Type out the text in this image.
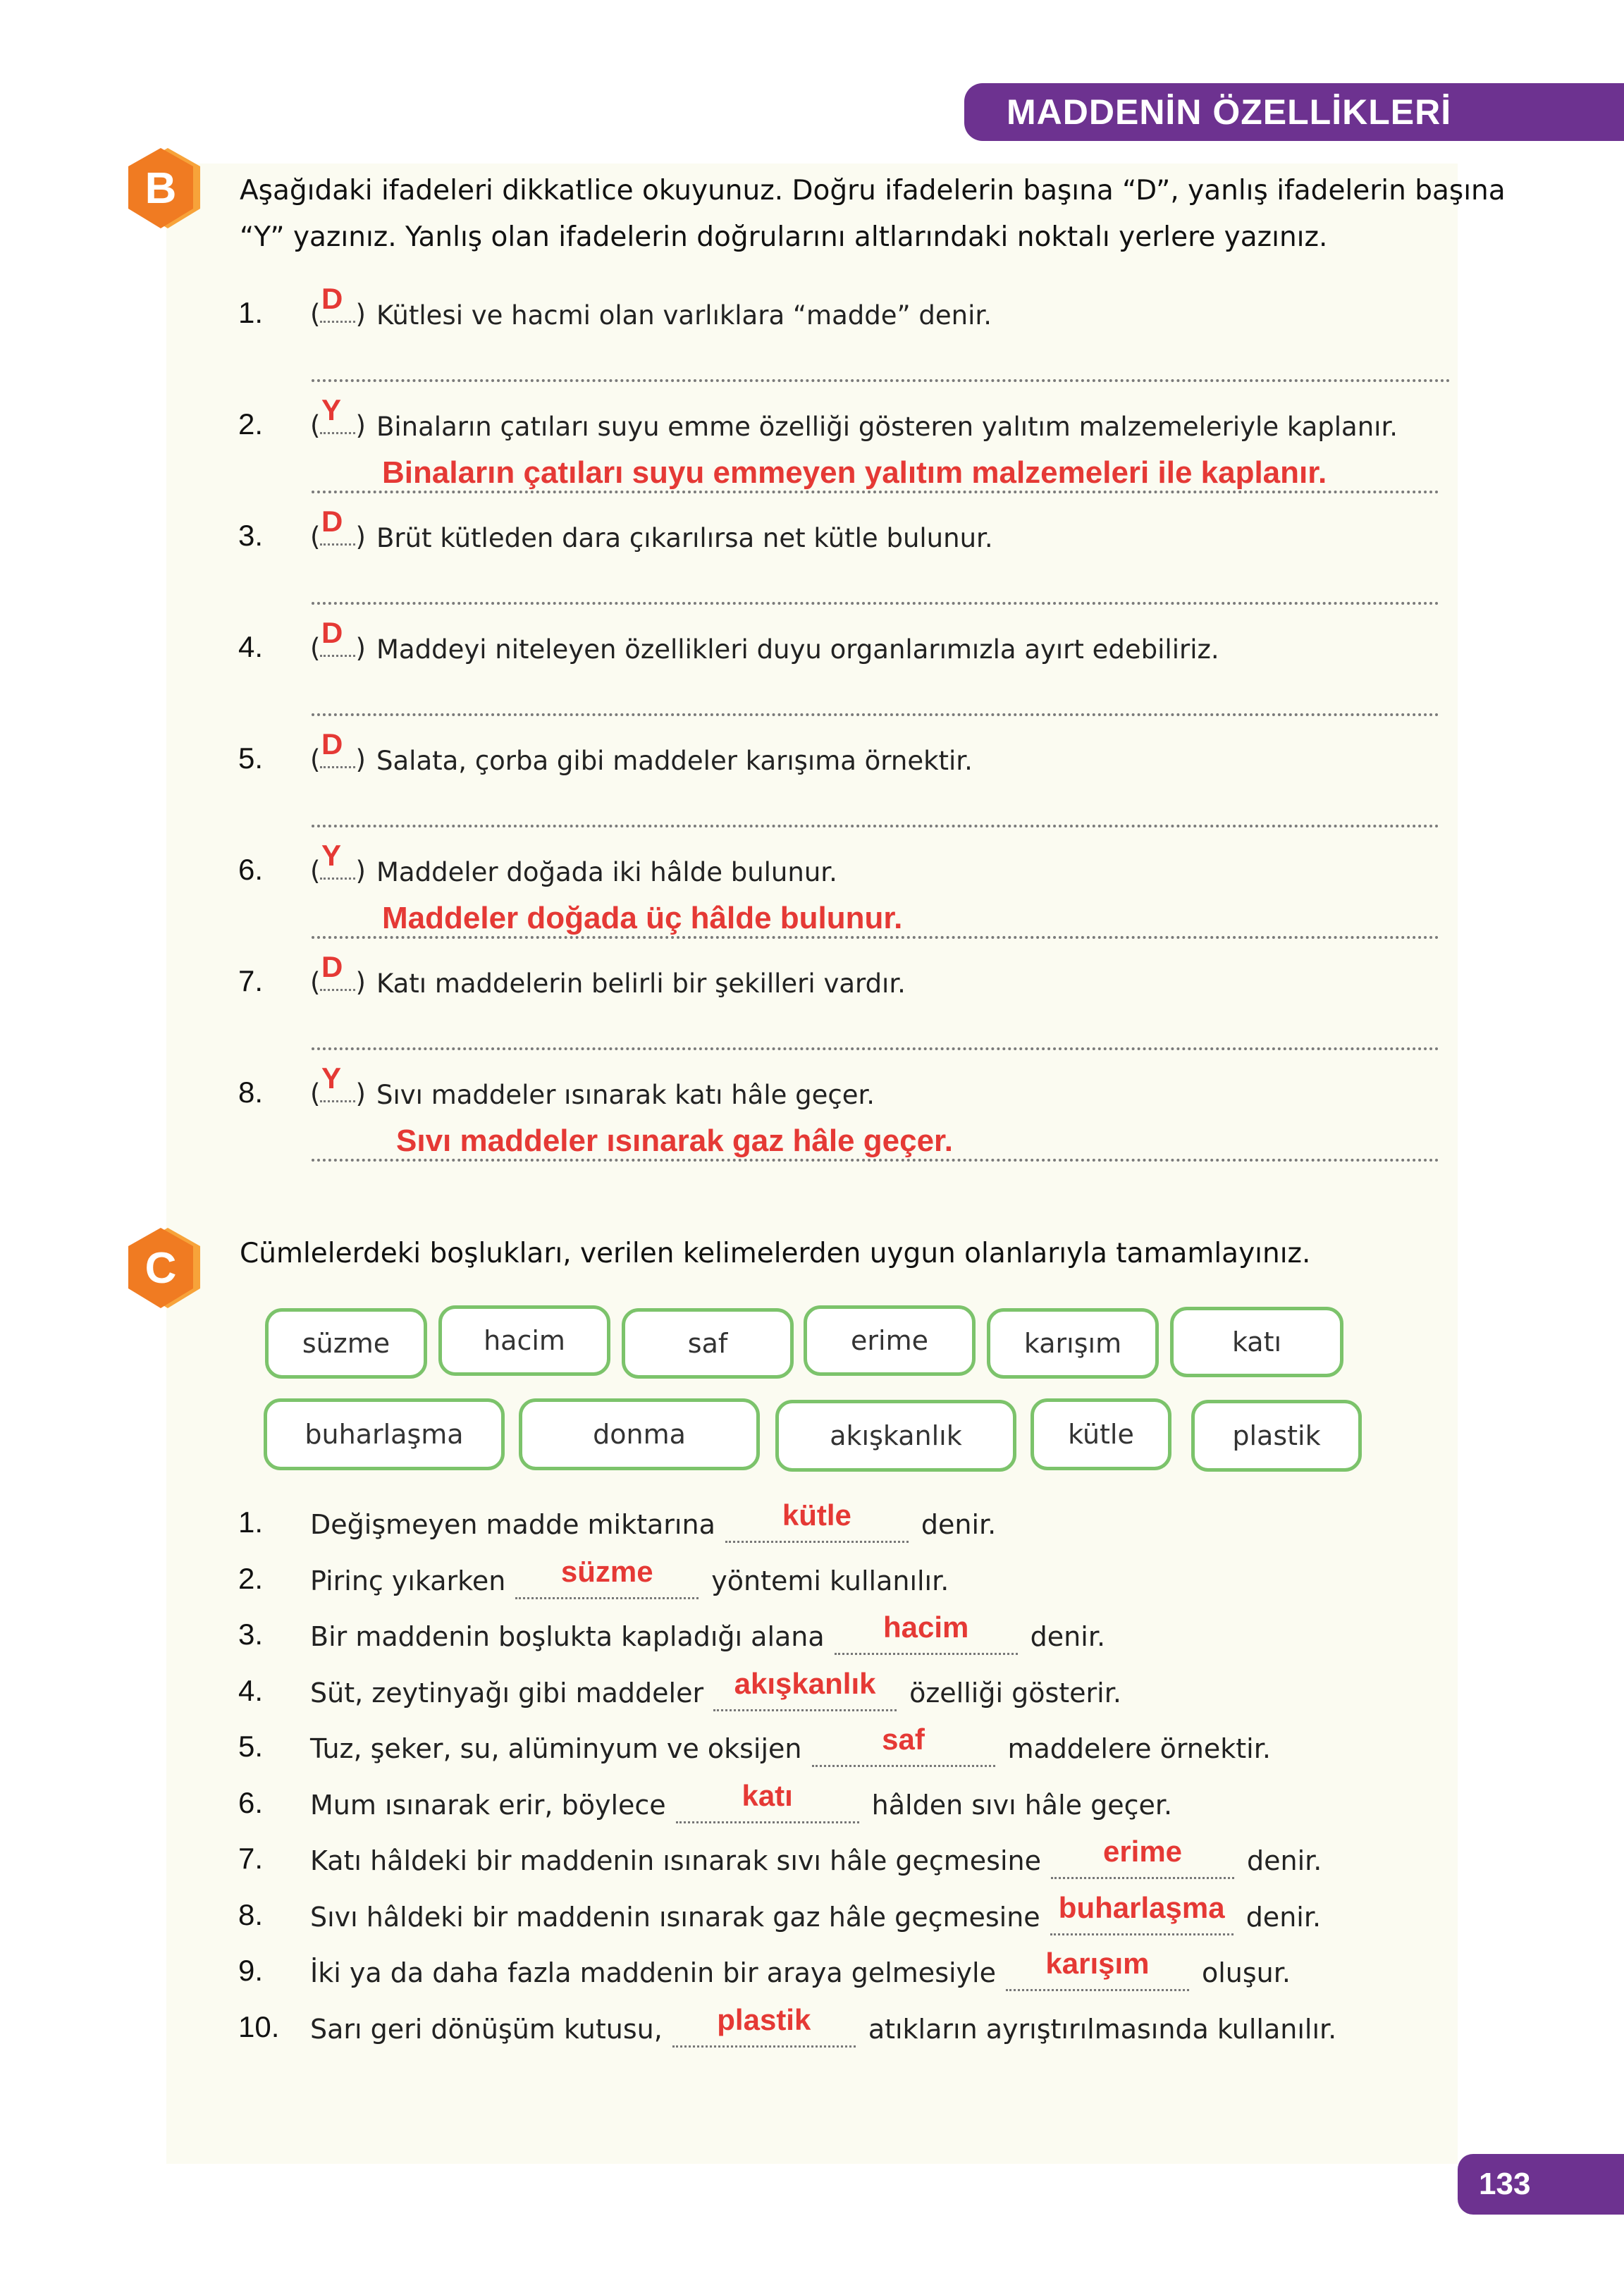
MADDENİN ÖZELLİKLERİ
B Aşağıdaki ifadeleri dikkatlice okuyunuz. Doğru ifadelerin başına “D”, yanlış ifadelerin başına
“Y” yazınız. Yanlış olan ifadelerin doğrularını altlarındaki noktalı yerlere yazınız.
1. ( )
D
Kütlesi ve hacmi olan varlıklara “madde” denir.
2. ( )
Y
Binaların çatıları suyu emme özelliği gösteren yalıtım malzemeleriyle kaplanır.
Binaların çatıları suyu emmeyen yalıtım malzemeleri ile kaplanır.
3. ( )
D
Brüt kütleden dara çıkarılırsa net kütle bulunur.
4. ( )
D
Maddeyi niteleyen özellikleri duyu organlarımızla ayırt edebiliriz.
5. ( )
D
Salata, çorba gibi maddeler karışıma örnektir.
6. ( )
Y
Maddeler doğada iki hâlde bulunur.
Maddeler doğada üç hâlde bulunur.
7. ( )
D
Katı maddelerin belirli bir şekilleri vardır.
8. ( )
Y
Sıvı maddeler ısınarak katı hâle geçer.
Sıvı maddeler ısınarak gaz hâle geçer.
C Cümlelerdeki boşlukları, verilen kelimelerden uygun olanlarıyla tamamlayınız.
süzme	hacim	saf	erime	karışım	katı
buharlaşma	donma	akışkanlık	kütle	plastik
1. Değişmeyen madde miktarına kütle	denir.
2. Pirinç yıkarken süzme yöntemi kullanılır.
3. Bir maddenin boşlukta kapladığı alana hacim denir.
4. Süt, zeytinyağı gibi maddeler akışkanlık özelliği gösterir.
5. Tuz, şeker, su, alüminyum ve oksijen	saf	maddelere örnektir.
6. Mum ısınarak erir, böylece	katı	hâlden sıvı hâle geçer.
7. Katı hâldeki bir maddenin ısınarak sıvı hâle geçmesine erime denir.
8. Sıvı hâldeki bir maddenin ısınarak gaz hâle geçmesine buharlaşma denir.
9. İki ya da daha fazla maddenin bir araya gelmesiyle karışım oluşur.
10. Sarı geri dönüşüm kutusu, plastik atıkların ayrıştırılmasında kullanılır.
133
